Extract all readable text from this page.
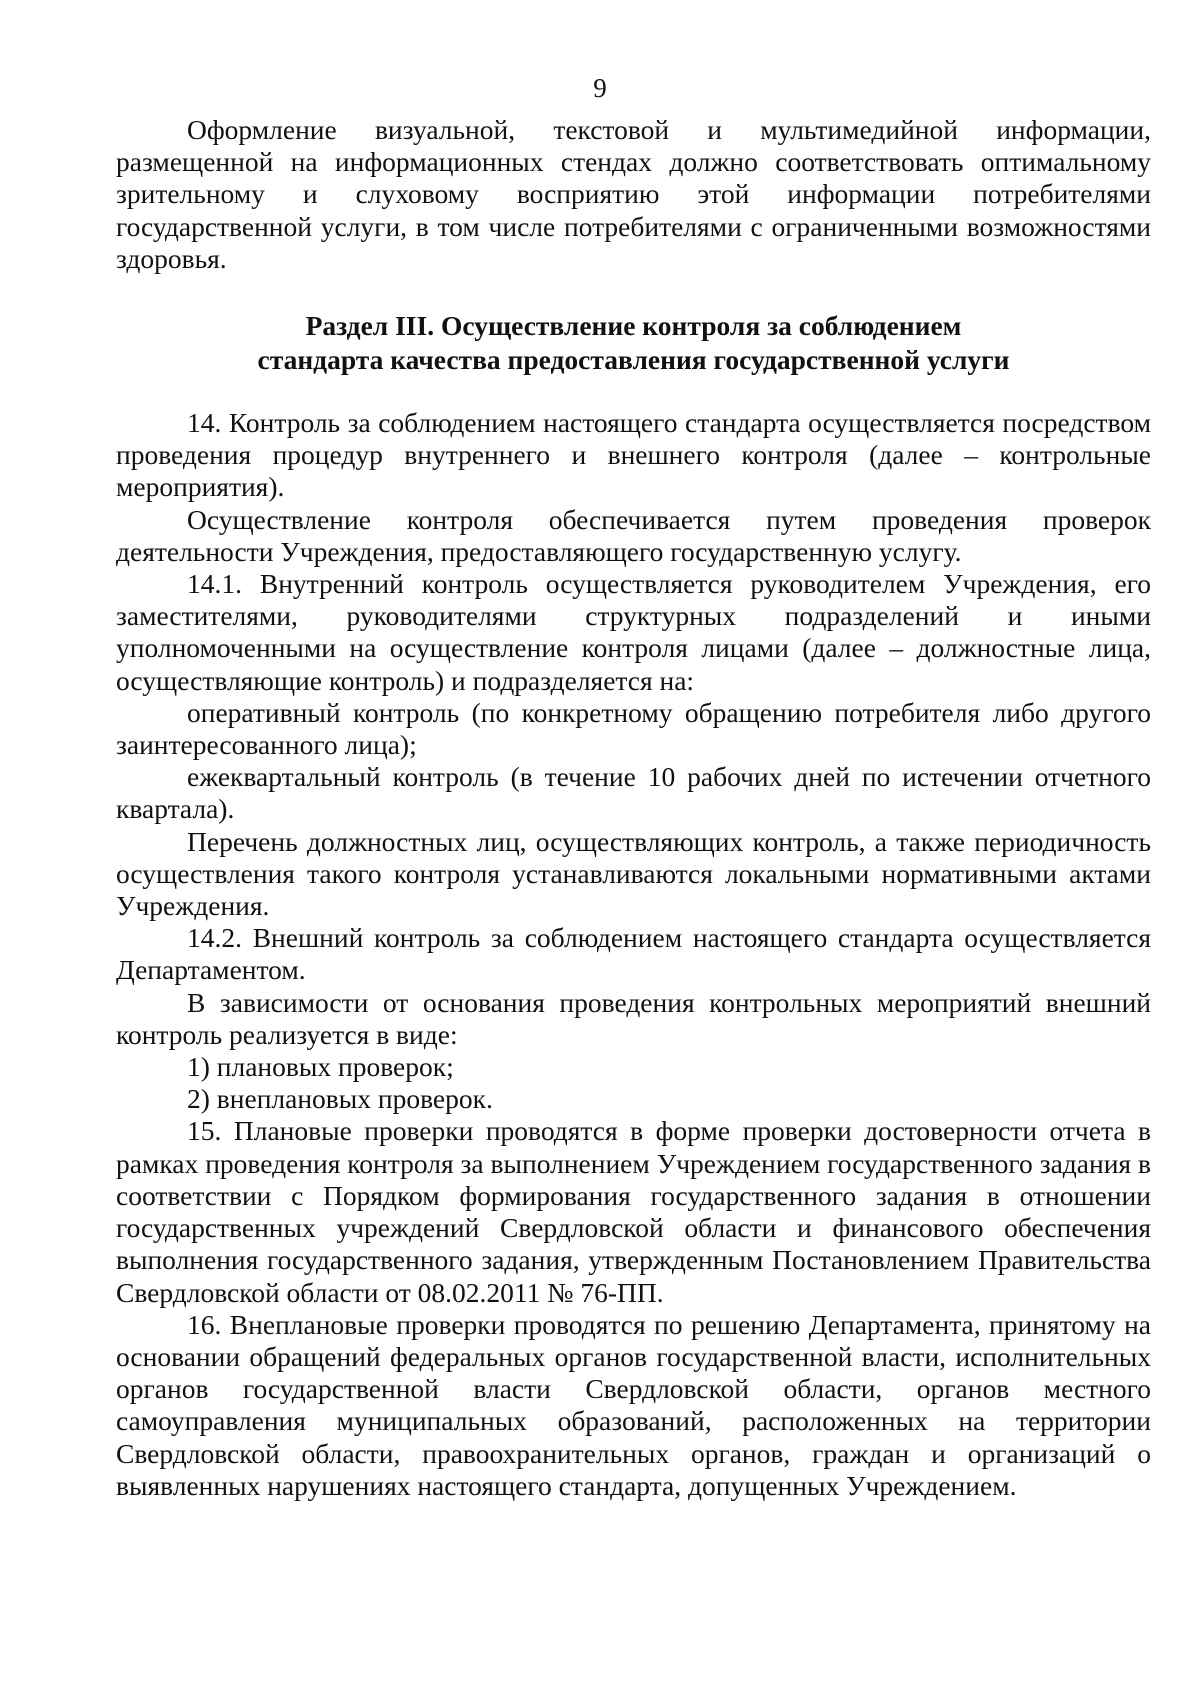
9

Оформление визуальной, текстовой и мультимедийной информации, размещенной на информационных стендах должно соответствовать оптимальному зрительному и слуховому восприятию этой информации потребителями государственной услуги, в том числе потребителями с ограниченными возможностями здоровья.

Раздел III. Осуществление контроля за соблюдением
стандарта качества предоставления государственной услуги

14. Контроль за соблюдением настоящего стандарта осуществляется посредством проведения процедур внутреннего и внешнего контроля (далее – контрольные мероприятия).

Осуществление контроля обеспечивается путем проведения проверок деятельности Учреждения, предоставляющего государственную услугу.

14.1. Внутренний контроль осуществляется руководителем Учреждения, его заместителями, руководителями структурных подразделений и иными уполномоченными на осуществление контроля лицами (далее – должностные лица, осуществляющие контроль) и подразделяется на:

оперативный контроль (по конкретному обращению потребителя либо другого заинтересованного лица);

ежеквартальный контроль (в течение 10 рабочих дней по истечении отчетного квартала).

Перечень должностных лиц, осуществляющих контроль, а также периодичность осуществления такого контроля устанавливаются локальными нормативными актами Учреждения.

14.2. Внешний контроль за соблюдением настоящего стандарта осуществляется Департаментом.

В зависимости от основания проведения контрольных мероприятий внешний контроль реализуется в виде:

1) плановых проверок;

2) внеплановых проверок.

15. Плановые проверки проводятся в форме проверки достоверности отчета в рамках проведения контроля за выполнением Учреждением государственного задания в соответствии с Порядком формирования государственного задания в отношении государственных учреждений Свердловской области и финансового обеспечения выполнения государственного задания, утвержденным Постановлением Правительства Свердловской области от 08.02.2011 № 76-ПП.

16. Внеплановые проверки проводятся по решению Департамента, принятому на основании обращений федеральных органов государственной власти, исполнительных органов государственной власти Свердловской области, органов местного самоуправления муниципальных образований, расположенных на территории Свердловской области, правоохранительных органов, граждан и организаций о выявленных нарушениях настоящего стандарта, допущенных Учреждением.
